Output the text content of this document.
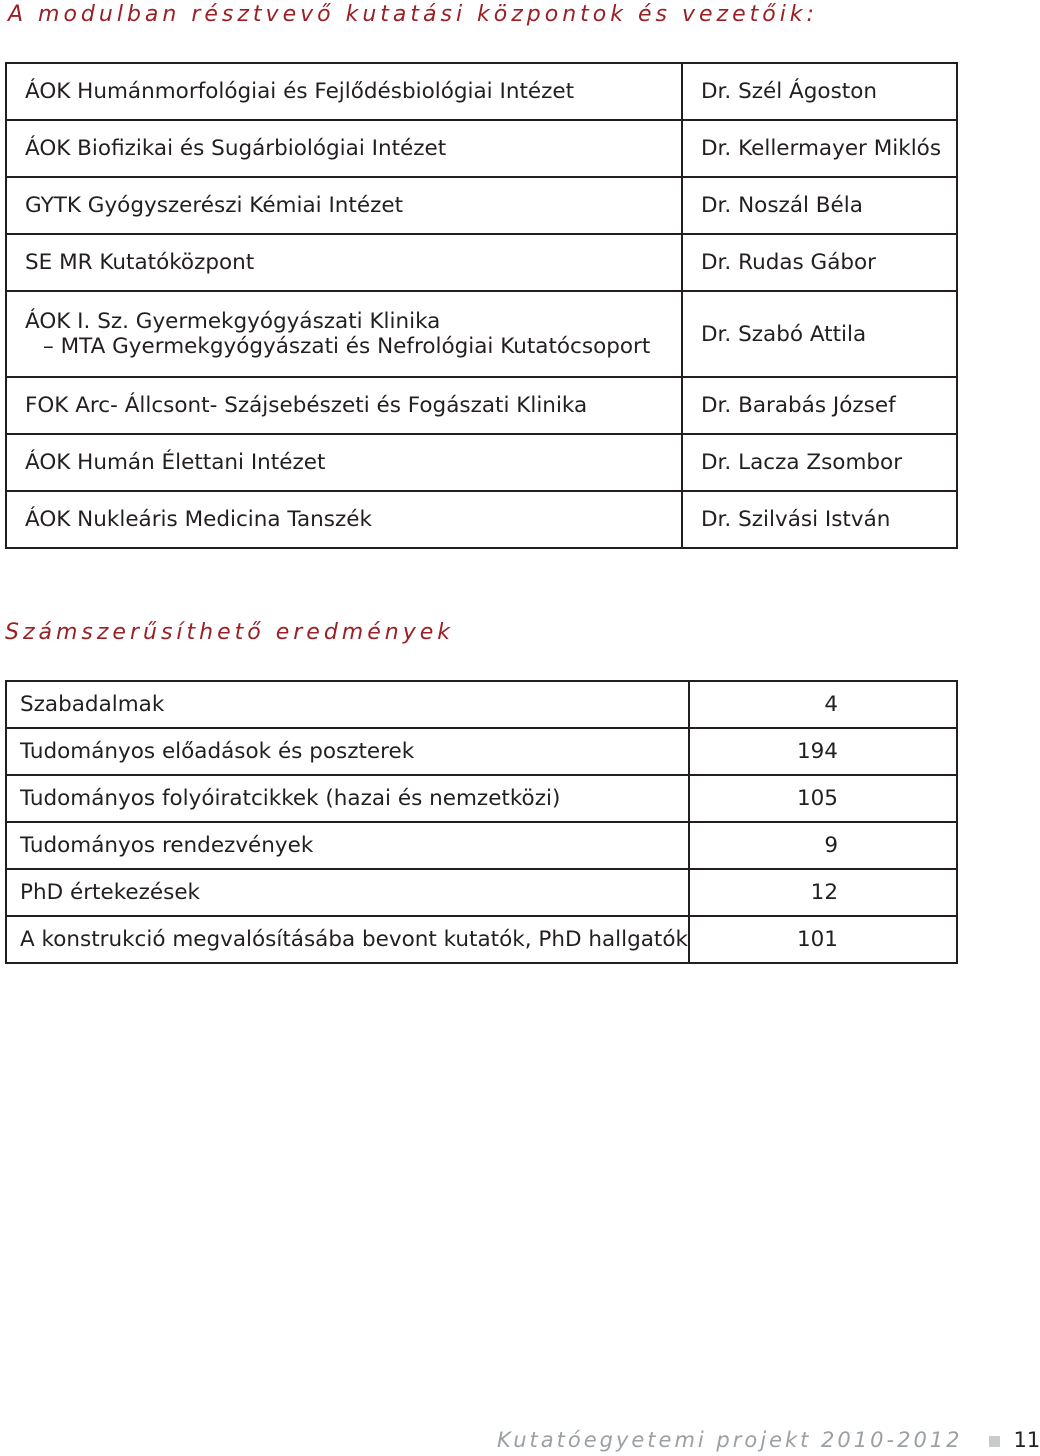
A modulban résztvevő kutatási központok és vezetőik:
ÁOK Humánmorfológiai és Fejlődésbiológiai Intézet	Dr. Szél Ágoston
ÁOK Biofizikai és Sugárbiológiai Intézet	Dr. Kellermayer Miklós
GYTK Gyógyszerészi Kémiai Intézet	Dr. Noszál Béla
SE MR Kutatóközpont	Dr. Rudas Gábor
ÁOK I. Sz. Gyermekgyógyászati Klinika
– MTA Gyermekgyógyászati és Nefrológiai Kutatócsoport	Dr. Szabó Attila
FOK Arc- Állcsont- Szájsebészeti és Fogászati Klinika	Dr. Barabás József
ÁOK Humán Élettani Intézet	Dr. Lacza Zsombor
ÁOK Nukleáris Medicina Tanszék	Dr. Szilvási István
Számszerűsíthető eredmények
Szabadalmak	4
Tudományos előadások és poszterek	194
Tudományos folyóiratcikkek (hazai és nemzetközi)	105
Tudományos rendezvények	9
PhD értekezések	12
A konstrukció megvalósításába bevont kutatók, PhD hallgatók	101
Kutatóegyetemi projekt 2010-2012 11
